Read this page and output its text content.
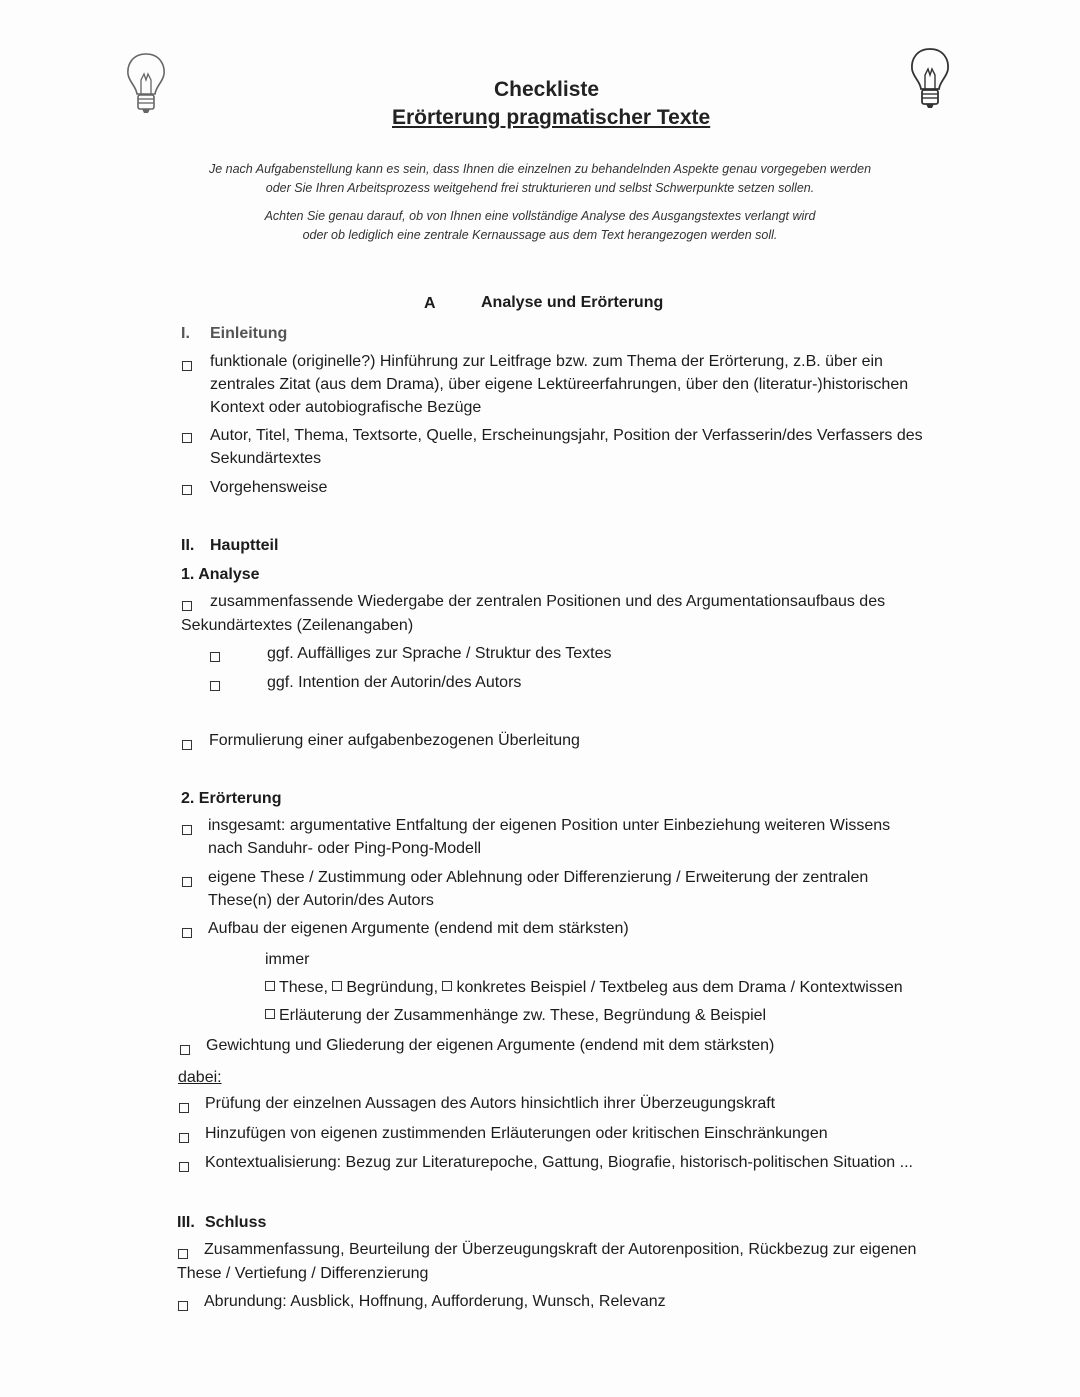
Checkliste
Erörterung pragmatischer Texte
Je nach Aufgabenstellung kann es sein, dass Ihnen die einzelnen zu behandelnden Aspekte genau vorgegeben werden
oder Sie Ihren Arbeitsprozess weitgehend frei strukturieren und selbst Schwerpunkte setzen sollen.
Achten Sie genau darauf, ob von Ihnen eine vollständige Analyse des Ausgangstextes verlangt wird
oder ob lediglich eine zentrale Kernaussage aus dem Text herangezogen werden soll.
A	Analyse und Erörterung
I. Einleitung
funktionale (originelle?) Hinführung zur Leitfrage bzw. zum Thema der Erörterung, z.B. über ein
zentrales Zitat (aus dem Drama), über eigene Lektüreerfahrungen, über den (literatur-)historischen
Kontext oder autobiografische Bezüge
Autor, Titel, Thema, Textsorte, Quelle, Erscheinungsjahr, Position der Verfasserin/des Verfassers des
Sekundärtextes
Vorgehensweise
II. Hauptteil
1. Analyse
zusammenfassende Wiedergabe der zentralen Positionen und des Argumentationsaufbaus des
Sekundärtextes (Zeilenangaben)
ggf. Auffälliges zur Sprache / Struktur des Textes
ggf. Intention der Autorin/des Autors
Formulierung einer aufgabenbezogenen Überleitung
2. Erörterung
insgesamt: argumentative Entfaltung der eigenen Position unter Einbeziehung weiteren Wissens
nach Sanduhr- oder Ping-Pong-Modell
eigene These / Zustimmung oder Ablehnung oder Differenzierung / Erweiterung der zentralen
These(n) der Autorin/des Autors
Aufbau der eigenen Argumente (endend mit dem stärksten)
immer
These, Begründung, konkretes Beispiel / Textbeleg aus dem Drama / Kontextwissen
Erläuterung der Zusammenhänge zw. These, Begründung & Beispiel
Gewichtung und Gliederung der eigenen Argumente (endend mit dem stärksten)
dabei:
Prüfung der einzelnen Aussagen des Autors hinsichtlich ihrer Überzeugungskraft
Hinzufügen von eigenen zustimmenden Erläuterungen oder kritischen Einschränkungen
Kontextualisierung: Bezug zur Literaturepoche, Gattung, Biografie, historisch-politischen Situation ...
III. Schluss
Zusammenfassung, Beurteilung der Überzeugungskraft der Autorenposition, Rückbezug zur eigenen
These / Vertiefung / Differenzierung
Abrundung: Ausblick, Hoffnung, Aufforderung, Wunsch, Relevanz
